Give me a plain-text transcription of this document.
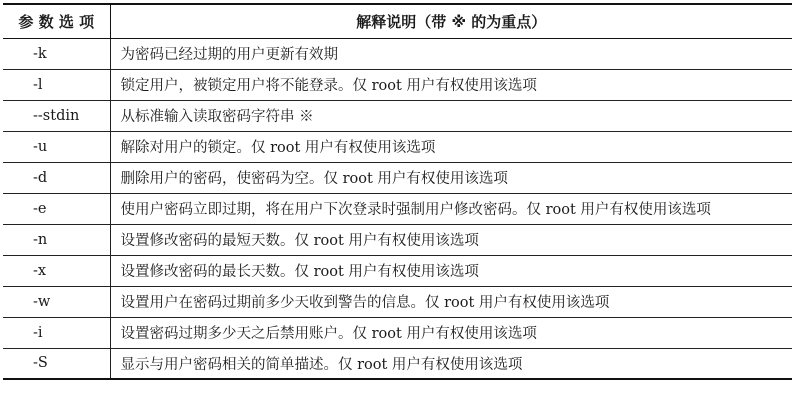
参 数 选 项	解释说明（带 ※ 的为重点）
-k	为密码已经过期的用户更新有效期
-l	锁定用户，被锁定用户将不能登录。仅 root 用户有权使用该选项
--stdin	从标准输入读取密码字符串 ※
-u	解除对用户的锁定。仅 root 用户有权使用该选项
-d	删除用户的密码，使密码为空。仅 root 用户有权使用该选项
-e	使用户密码立即过期，将在用户下次登录时强制用户修改密码。仅 root 用户有权使用该选项
-n	设置修改密码的最短天数。仅 root 用户有权使用该选项
-x	设置修改密码的最长天数。仅 root 用户有权使用该选项
-w	设置用户在密码过期前多少天收到警告的信息。仅 root 用户有权使用该选项
-i	设置密码过期多少天之后禁用账户。仅 root 用户有权使用该选项
-S	显示与用户密码相关的简单描述。仅 root 用户有权使用该选项
